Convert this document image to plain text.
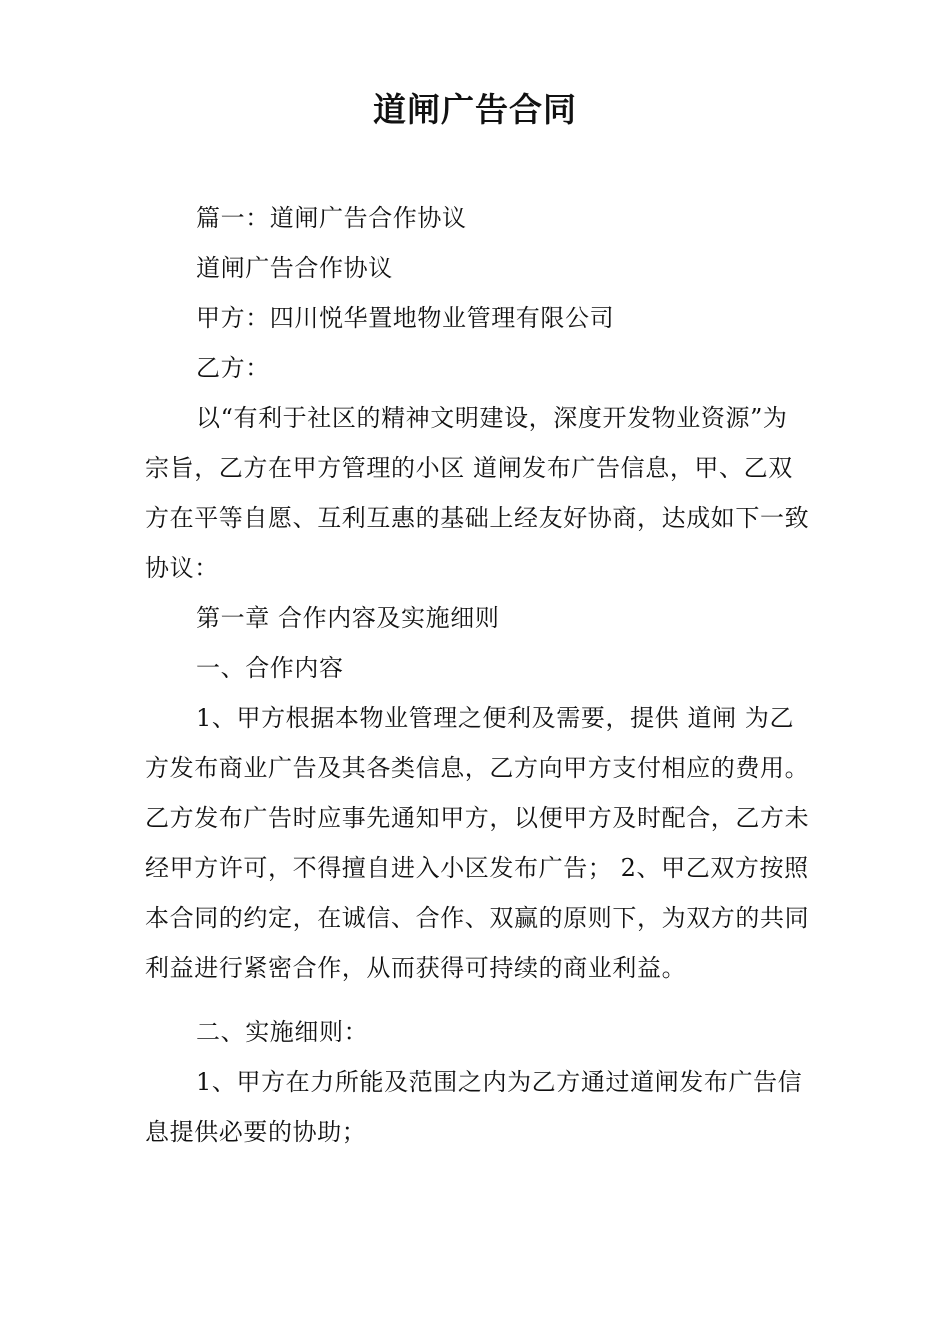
道闸广告合同

篇一：道闸广告合作协议

道闸广告合作协议

甲方：四川悦华置地物业管理有限公司

乙方：

以“有利于社区的精神文明建设，深度开发物业资源”为宗旨，乙方在甲方管理的小区 道闸发布广告信息，甲、乙双方在平等自愿、互利互惠的基础上经友好协商，达成如下一致协议：

第一章 合作内容及实施细则

一、合作内容

1、甲方根据本物业管理之便利及需要，提供 道闸 为乙方发布商业广告及其各类信息，乙方向甲方支付相应的费用。乙方发布广告时应事先通知甲方，以便甲方及时配合，乙方未经甲方许可，不得擅自进入小区发布广告； 2、甲乙双方按照本合同的约定，在诚信、合作、双赢的原则下，为双方的共同利益进行紧密合作，从而获得可持续的商业利益。

二、实施细则：

1、甲方在力所能及范围之内为乙方通过道闸发布广告信息提供必要的协助；
